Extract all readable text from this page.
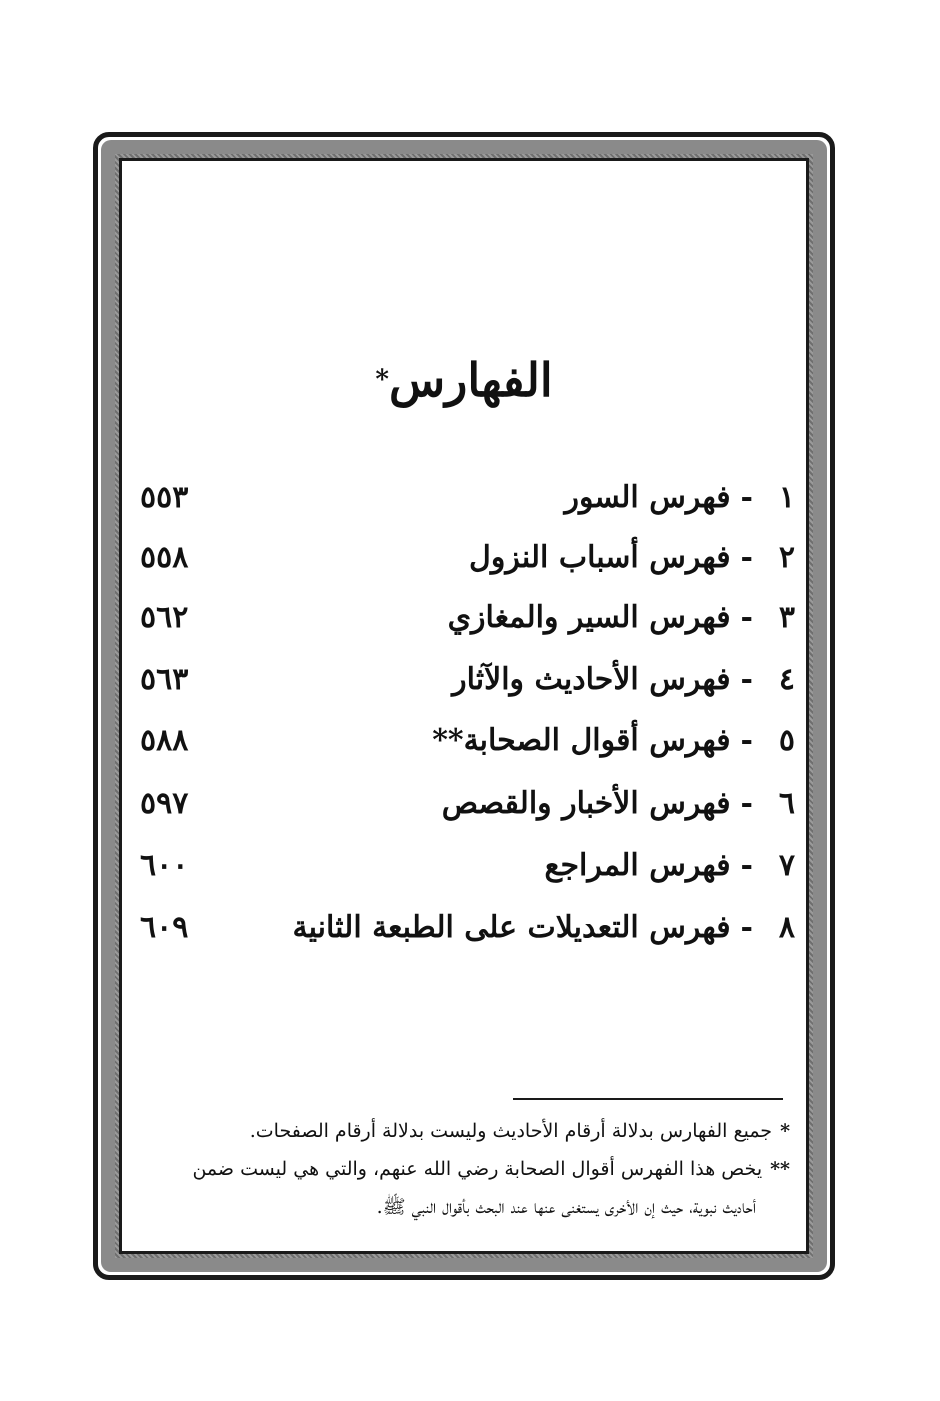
الفهارس*
١-فهرس السور
٥٥٣
٢-فهرس أسباب النزول
٥٥٨
٣-فهرس السير والمغازي
٥٦٢
٤-فهرس الأحاديث والآثار
٥٦٣
٥-فهرس أقوال الصحابة**
٥٨٨
٦-فهرس الأخبار والقصص
٥٩٧
٧-فهرس المراجع
٦٠٠
٨-فهرس التعديلات على الطبعة الثانية
٦٠٩

*جميع الفهارس بدلالة أرقام الأحاديث وليست بدلالة أرقام الصفحات.

**يخص هذا الفهرس أقوال الصحابة رضي الله عنهم، والتي هي ليست ضمن

أحاديث نبوية، حيث إن الأخرى يستغنى عنها عند البحث بأقوال النبي ﷺ.
